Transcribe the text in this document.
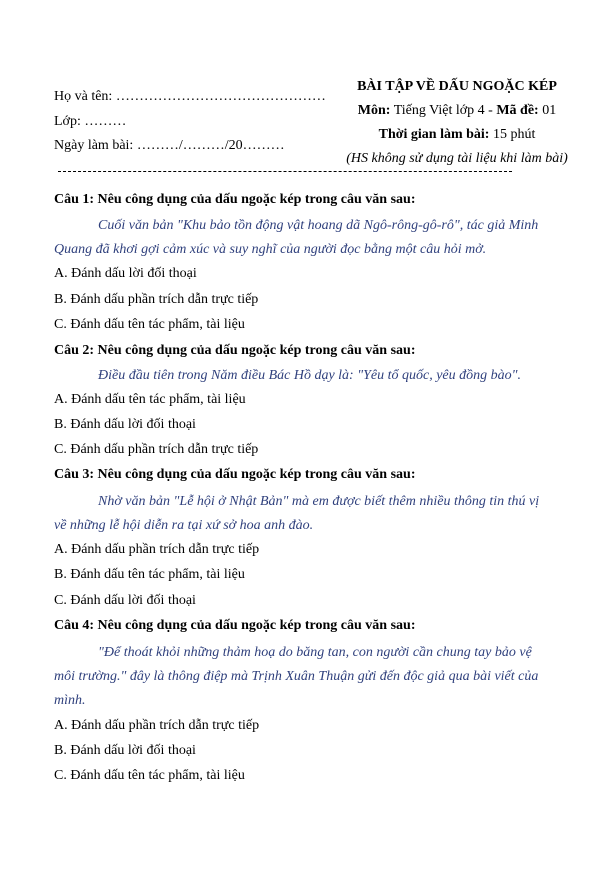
Họ và tên: ………………………………………
Lớp: ………
Ngày làm bài: ………/………/20………
BÀI TẬP VỀ DẤU NGOẶC KÉP
Môn: Tiếng Việt lớp 4 - Mã đề: 01
Thời gian làm bài: 15 phút
(HS không sử dụng tài liệu khi làm bài)
Câu 1: Nêu công dụng của dấu ngoặc kép trong câu văn sau:
Cuối văn bản "Khu bảo tồn động vật hoang dã Ngô-rông-gô-rô", tác giả Minh
Quang đã khơi gợi cảm xúc và suy nghĩ của người đọc bằng một câu hỏi mở.
A. Đánh dấu lời đối thoại
B. Đánh dấu phần trích dẫn trực tiếp
C. Đánh dấu tên tác phẩm, tài liệu
Câu 2: Nêu công dụng của dấu ngoặc kép trong câu văn sau:
Điều đầu tiên trong Năm điều Bác Hồ dạy là: "Yêu tổ quốc, yêu đồng bào".
A. Đánh dấu tên tác phẩm, tài liệu
B. Đánh dấu lời đối thoại
C. Đánh dấu phần trích dẫn trực tiếp
Câu 3: Nêu công dụng của dấu ngoặc kép trong câu văn sau:
Nhờ văn bản "Lễ hội ở Nhật Bản" mà em được biết thêm nhiều thông tin thú vị
về những lễ hội diễn ra tại xứ sở hoa anh đào.
A. Đánh dấu phần trích dẫn trực tiếp
B. Đánh dấu tên tác phẩm, tài liệu
C. Đánh dấu lời đối thoại
Câu 4: Nêu công dụng của dấu ngoặc kép trong câu văn sau:
"Để thoát khỏi những thảm hoạ do băng tan, con người cần chung tay bảo vệ
môi trường." đây là thông điệp mà Trịnh Xuân Thuận gửi đến độc giả qua bài viết của
mình.
A. Đánh dấu phần trích dẫn trực tiếp
B. Đánh dấu lời đối thoại
C. Đánh dấu tên tác phẩm, tài liệu
